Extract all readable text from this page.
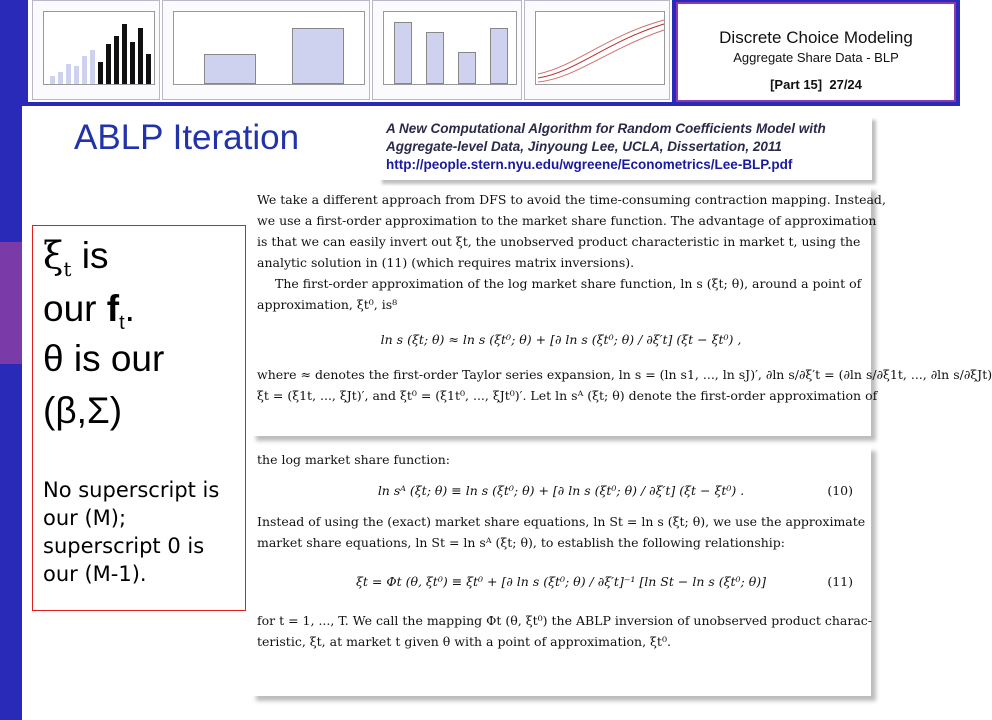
Discrete Choice Modeling
Aggregate Share Data - BLP
[Part 15] 27/24
ABLP Iteration	A New Computational Algorithm for Random Coefficients Model with
Aggregate-level Data, Jinyoung Lee, UCLA, Dissertation, 2011
http://people.stern.nyu.edu/wgreene/Econometrics/Lee-BLP.pdf
$\xi_t$ is
our $f_t$.
θ is our
(β,Σ)
No superscript is our (M); superscript 0 is our (M-1).
We take a different approach from DFS to avoid the time-consuming contraction mapping. Instead,
we use a first-order approximation to the market share function. The advantage of approximation
is that we can easily invert out ξt, the unobserved product characteristic in market t, using the
analytic solution in (11) (which requires matrix inversions).
The first-order approximation of the log market share function, ln s (ξt; θ), around a point of
approximation, ξt⁰, is⁸
ln s (ξt; θ) ≈ ln s (ξt⁰; θ) + [∂ ln s (ξt⁰; θ) / ∂ξ′t] (ξt − ξt⁰) ,
where ≈ denotes the first-order Taylor series expansion, ln s = (ln s1, ..., ln sJ)′, ∂ln s/∂ξ′t = (∂ln s/∂ξ1t, ..., ∂ln s/∂ξJt)
ξt = (ξ1t, ..., ξJt)′, and ξt⁰ = (ξ1t⁰, ..., ξJt⁰)′. Let ln sᴬ (ξt; θ) denote the first-order approximation of
the log market share function:
ln sᴬ (ξt; θ) ≡ ln s (ξt⁰; θ) + [∂ ln s (ξt⁰; θ) / ∂ξ′t] (ξt − ξt⁰) .	(10)
Instead of using the (exact) market share equations, ln St = ln s (ξt; θ), we use the approximate
market share equations, ln St = ln sᴬ (ξt; θ), to establish the following relationship:
ξt = Φt (θ, ξt⁰) ≡ ξt⁰ + [∂ ln s (ξt⁰; θ) / ∂ξ′t]⁻¹ [ln St − ln s (ξt⁰; θ)]	(11)
for t = 1, ..., T. We call the mapping Φt (θ, ξt⁰) the ABLP inversion of unobserved product charac-
teristic, ξt, at market t given θ with a point of approximation, ξt⁰.
